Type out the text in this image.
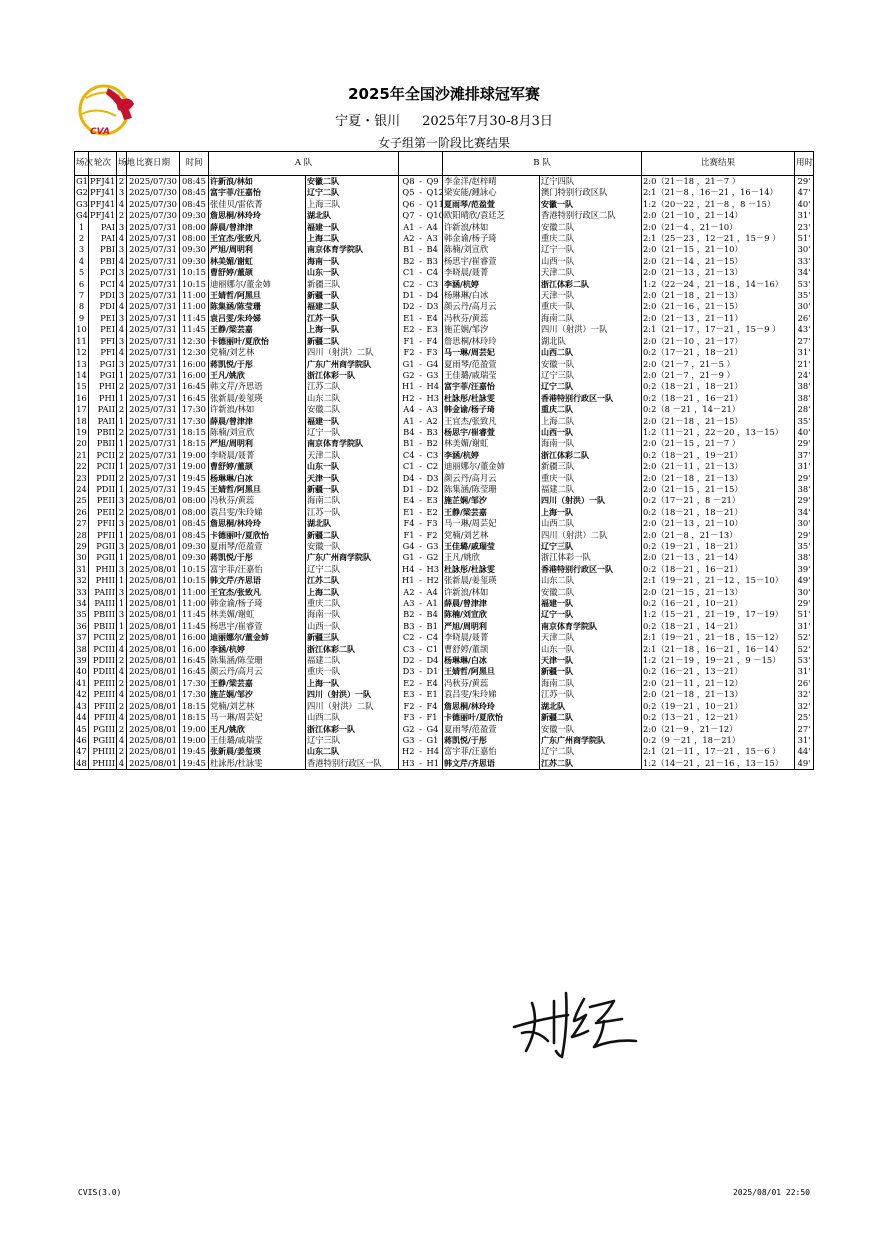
CVA
2025年全国沙滩排球冠军赛
宁夏・银川 2025年7月30-8月3日
女子组第一阶段比赛结果
场次	轮次	场地	比赛日期	时间	A 队					B 队		比赛结果	用时
G1	PFJ41	2	2025/07/30	08:45	许新浪/林如	安徽二队	Q8	-	Q9	李金洋/赵梓晴	辽宁四队	2:0（21－18 ，21－7 ）	29'
G2	PFJ41	3	2025/07/30	08:45	富宇菲/汪嘉怡	辽宁二队	Q5	-	Q12	梁安能/鍾詠心	澳门特别行政区队	2:1（21－8 ，16－21 ，16－14）	47'
G3	PFJ41	4	2025/07/30	08:45	张佳贝/雷依菁	上海三队	Q6	-	Q11	夏雨琴/范盈萱	安徽一队	1:2（20－22 ，21－8 ，8 －15）	40'
G4	PFJ41	2	2025/07/30	09:30	詹思桐/林玲玲	湖北队	Q7	-	Q10	欧阳晴欣/袁廷芝	香港特别行政区二队	2:0（21－10 ，21－14）	31'
1	PAI	3	2025/07/31	08:00	薛晨/曾津津	福建一队	A1	-	A4	许新浪/林如	安徽二队	2:0（21－4 ，21－10）	23'
2	PAI	4	2025/07/31	08:00	王宜杰/张致凡	上海二队	A2	-	A3	韩金谕/杨子琦	重庆二队	2:1（25－23 ，12－21 ，15－9 ）	51'
3	PBI	3	2025/07/31	09:30	严旭/周明利	南京体育学院队	B1	-	B4	陈楠/刘宣欣	辽宁一队	2:0（21－15 ，21－10）	30'
4	PBI	4	2025/07/31	09:30	林美媚/谢虹	海南一队	B2	-	B3	杨思宇/崔睿萱	山西一队	2:0（21－14 ，21－15）	33'
5	PCI	3	2025/07/31	10:15	曹舒婷/董颉	山东一队	C1	-	C4	李晓晨/聂菁	天津二队	2:0（21－13 ，21－13）	34'
6	PCI	4	2025/07/31	10:15	迪丽娜尔/董金姉	新疆三队	C2	-	C3	李涵/杭婷	浙江体彩二队	1:2（22－24 ，21－18 ，14－16）	53'
7	PDI	3	2025/07/31	11:00	王婧哲/阿黑旦	新疆一队	D1	-	D4	杨琳琳/白冰	天津一队	2:0（21－18 ，21－13）	35'
8	PDI	4	2025/07/31	11:00	陈集涵/陈莹珊	福建二队	D2	-	D3	颜云丹/高月云	重庆一队	2:0（21－16 ，21－15）	30'
9	PEI	3	2025/07/31	11:45	袁吕雯/朱玲娣	江苏一队	E1	-	E4	冯秋芬/黄蕊	海南二队	2:0（21－13 ，21－11）	26'
10	PEI	4	2025/07/31	11:45	王静/梁芸嘉	上海一队	E2	-	E3	施芷娴/邹汐	四川（射洪）一队	2:1（21－17 ，17－21 ，15－9 ）	43'
11	PFI	3	2025/07/31	12:30	卡德丽叶/夏欣怡	新疆二队	F1	-	F4	詹思桐/林玲玲	湖北队	2:0（21－10 ，21－17）	27'
12	PFI	4	2025/07/31	12:30	党楠/刘艺林	四川（射洪）二队	F2	-	F3	马一琳/周芸妃	山西二队	0:2（17－21 ，18－21）	31'
13	PGI	3	2025/07/31	16:00	蒋凯悦/于彤	广东广州商学院队	G1	-	G4	夏雨琴/范盈萱	安徽一队	2:0（21－7 ，21－5 ）	21'
14	PGI	1	2025/07/31	16:00	王凡/姚欣	浙江体彩一队	G2	-	G3	王佳璐/戚瑞莹	辽宁三队	2:0（21－7 ，21－9 ）	24'
15	PHI	2	2025/07/31	16:45	韩文芹/齐思语	江苏二队	H1	-	H4	富宇菲/汪嘉怡	辽宁二队	0:2（18－21 ，18－21）	38'
16	PHI	1	2025/07/31	16:45	张新晨/姜玺瑛	山东二队	H2	-	H3	杜詠彤/杜詠雯	香港特别行政区一队	0:2（18－21 ，16－21）	38'
17	PAII	2	2025/07/31	17:30	许新浪/林如	安徽二队	A4	-	A3	韩金谕/杨子琦	重庆二队	0:2（8 －21 ，14－21）	28'
18	PAII	1	2025/07/31	17:30	薛晨/曾津津	福建一队	A1	-	A2	王宜杰/张致凡	上海二队	2:0（21－18 ，21－15）	35'
19	PBII	2	2025/07/31	18:15	陈楠/刘宣欣	辽宁一队	B4	-	B3	杨思宇/崔睿萱	山西一队	1:2（11－21 ，22－20 ，13－15）	40'
20	PBII	1	2025/07/31	18:15	严旭/周明利	南京体育学院队	B1	-	B2	林美媚/谢虹	海南一队	2:0（21－15 ，21－7 ）	29'
21	PCII	2	2025/07/31	19:00	李晓晨/聂菁	天津二队	C4	-	C3	李涵/杭婷	浙江体彩二队	0:2（18－21 ，19－21）	37'
22	PCII	1	2025/07/31	19:00	曹舒婷/董颉	山东一队	C1	-	C2	迪丽娜尔/董金姉	新疆三队	2:0（21－11 ，21－13）	31'
23	PDII	2	2025/07/31	19:45	杨琳琳/白冰	天津一队	D4	-	D3	颜云丹/高月云	重庆一队	2:0（21－18 ，21－13）	29'
24	PDII	1	2025/07/31	19:45	王婧哲/阿黑旦	新疆一队	D1	-	D2	陈集涵/陈莹珊	福建二队	2:0（21－15 ，21－15）	38'
25	PEII	3	2025/08/01	08:00	冯秋芬/黄蕊	海南二队	E4	-	E3	施芷娴/邹汐	四川（射洪）一队	0:2（17－21 ，8 －21）	29'
26	PEII	2	2025/08/01	08:00	袁吕雯/朱玲娣	江苏一队	E1	-	E2	王静/梁芸嘉	上海一队	0:2（18－21 ，18－21）	34'
27	PFII	3	2025/08/01	08:45	詹思桐/林玲玲	湖北队	F4	-	F3	马一琳/周芸妃	山西二队	2:0（21－13 ，21－10）	30'
28	PFII	1	2025/08/01	08:45	卡德丽叶/夏欣怡	新疆二队	F1	-	F2	党楠/刘艺林	四川（射洪）二队	2:0（21－8 ，21－13）	29'
29	PGII	3	2025/08/01	09:30	夏雨琴/范盈萱	安徽一队	G4	-	G3	王佳璐/戚瑞莹	辽宁三队	0:2（19－21 ，18－21）	35'
30	PGII	1	2025/08/01	09:30	蒋凯悦/于彤	广东广州商学院队	G1	-	G2	王凡/姚欣	浙江体彩一队	2:0（21－13 ，21－14）	38'
31	PHII	3	2025/08/01	10:15	富宇菲/汪嘉怡	辽宁二队	H4	-	H3	杜詠彤/杜詠雯	香港特别行政区一队	0:2（18－21 ，16－21）	39'
32	PHII	1	2025/08/01	10:15	韩文芹/齐思语	江苏二队	H1	-	H2	张新晨/姜玺瑛	山东二队	2:1（19－21 ，21－12 ，15－10）	49'
33	PAIII	3	2025/08/01	11:00	王宜杰/张致凡	上海二队	A2	-	A4	许新浪/林如	安徽二队	2:0（21－15 ，21－13）	30'
34	PAIII	1	2025/08/01	11:00	韩金谕/杨子琦	重庆二队	A3	-	A1	薛晨/曾津津	福建一队	0:2（16－21 ，10－21）	29'
35	PBIII	3	2025/08/01	11:45	林美媚/谢虹	海南一队	B2	-	B4	陈楠/刘宣欣	辽宁一队	1:2（15－21 ，21－19 ，17－19）	51'
36	PBIII	1	2025/08/01	11:45	杨思宇/崔睿萱	山西一队	B3	-	B1	严旭/周明利	南京体育学院队	0:2（18－21 ，14－21）	31'
37	PCIII	2	2025/08/01	16:00	迪丽娜尔/董金姉	新疆三队	C2	-	C4	李晓晨/聂菁	天津二队	2:1（19－21 ，21－18 ，15－12）	52'
38	PCIII	4	2025/08/01	16:00	李涵/杭婷	浙江体彩二队	C3	-	C1	曹舒婷/董颉	山东一队	2:1（21－18 ，16－21 ，16－14）	52'
39	PDIII	2	2025/08/01	16:45	陈集涵/陈莹珊	福建二队	D2	-	D4	杨琳琳/白冰	天津一队	1:2（21－19 ，19－21 ，9 －15）	53'
40	PDIII	4	2025/08/01	16:45	颜云丹/高月云	重庆一队	D3	-	D1	王婧哲/阿黑旦	新疆一队	0:2（16－21 ，13－21）	31'
41	PEIII	2	2025/08/01	17:30	王静/梁芸嘉	上海一队	E2	-	E4	冯秋芬/黄蕊	海南二队	2:0（21－11 ，21－12）	26'
42	PEIII	4	2025/08/01	17:30	施芷娴/邹汐	四川（射洪）一队	E3	-	E1	袁吕雯/朱玲娣	江苏一队	2:0（21－18 ，21－13）	32'
43	PFIII	2	2025/08/01	18:15	党楠/刘艺林	四川（射洪）二队	F2	-	F4	詹思桐/林玲玲	湖北队	0:2（19－21 ，10－21）	32'
44	PFIII	4	2025/08/01	18:15	马一琳/周芸妃	山西二队	F3	-	F1	卡德丽叶/夏欣怡	新疆二队	0:2（13－21 ，12－21）	25'
45	PGIII	2	2025/08/01	19:00	王凡/姚欣	浙江体彩一队	G2	-	G4	夏雨琴/范盈萱	安徽一队	2:0（21－9 ，21－12）	27'
46	PGIII	4	2025/08/01	19:00	王佳璐/戚瑞莹	辽宁三队	G3	-	G1	蒋凯悦/于彤	广东广州商学院队	0:2（9 －21 ，18－21）	31'
47	PHIII	2	2025/08/01	19:45	张新晨/姜玺瑛	山东二队	H2	-	H4	富宇菲/汪嘉怡	辽宁二队	2:1（21－11 ，17－21 ，15－6 ）	44'
48	PHIII	4	2025/08/01	19:45	杜詠彤/杜詠雯	香港特别行政区一队	H3	-	H1	韩文芹/齐思语	江苏二队	1:2（14－21 ，21－16 ，13－15）	49'
CVIS(3.0)	2025/08/01 22:50
